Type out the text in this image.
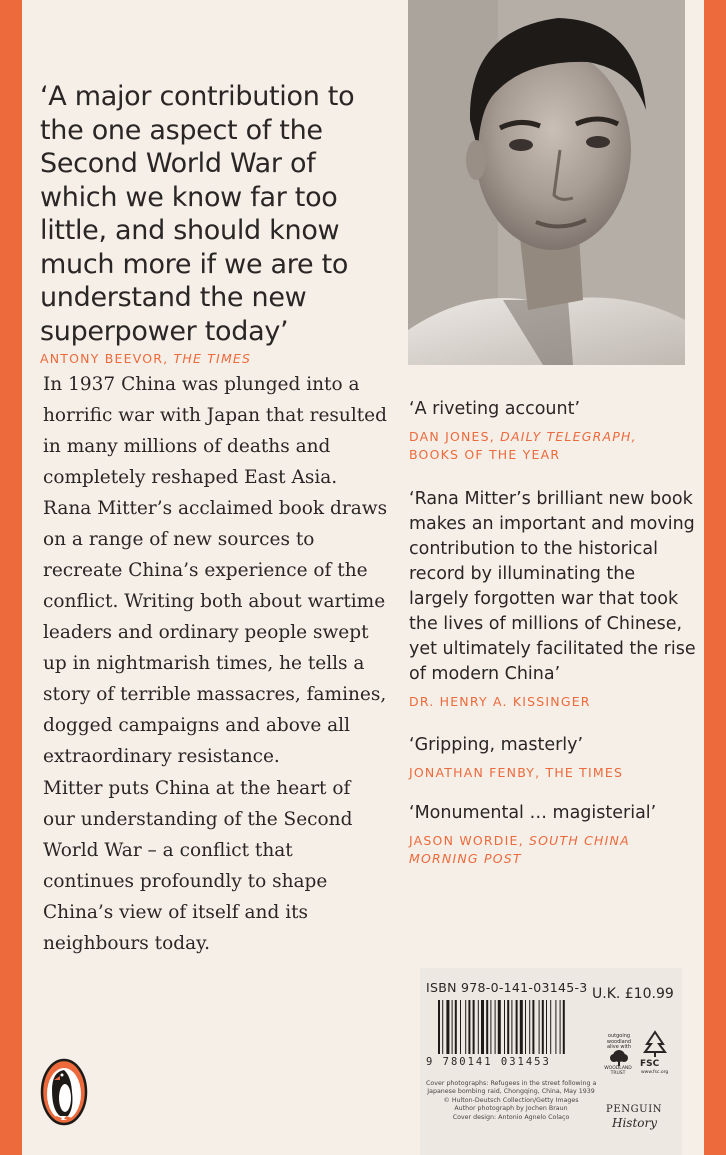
‘A major contribution to the one aspect of the Second World War of which we know far too little, and should know much more if we are to understand the new superpower today’

ANTONY BEEVOR, THE TIMES

In 1937 China was plunged into a horrific war with Japan that resulted in many millions of deaths and completely reshaped East Asia. Rana Mitter’s acclaimed book draws on a range of new sources to recreate China’s experience of the conflict. Writing both about wartime leaders and ordinary people swept up in nightmarish times, he tells a story of terrible massacres, famines, dogged campaigns and above all extraordinary resistance.

Mitter puts China at the heart of our understanding of the Second World War – a conflict that continues profoundly to shape China’s view of itself and its neighbours today.

‘A riveting account’

DAN JONES, DAILY TELEGRAPH,
BOOKS OF THE YEAR

‘Rana Mitter’s brilliant new book makes an important and moving contribution to the historical record by illuminating the largely forgotten war that took the lives of millions of Chinese, yet ultimately facilitated the rise of modern China’

DR. HENRY A. KISSINGER

‘Gripping, masterly’

JONATHAN FENBY, THE TIMES

‘Monumental … magisterial’

JASON WORDIE, SOUTH CHINA
MORNING POST
ISBN 978-0-141-03145-3 U.K. £10.99
9 780141 031453
outgoing woodland alive with
WOODLAND TRUST
FSC
www.fsc.org
Cover photographs: Refugees in the street following a
Japanese bombing raid, Chongqing, China, May 1939
© Hulton-Deutsch Collection/Getty Images
Author photograph by Jochen Braun
Cover design: Antonio Agnelo Colaço
PENGUIN
History
